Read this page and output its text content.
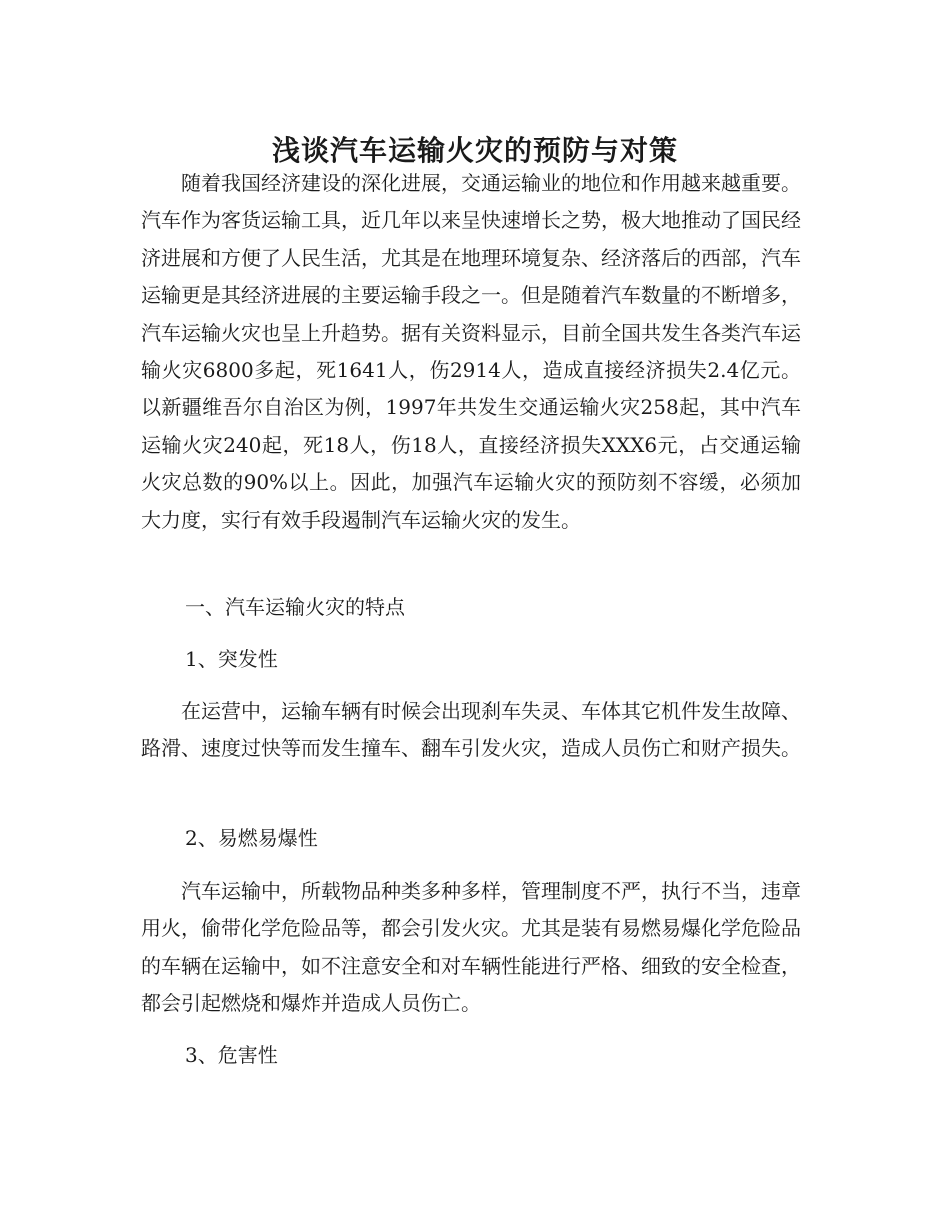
浅谈汽车运输火灾的预防与对策

随着我国经济建设的深化进展，交通运输业的地位和作用越来越重要。汽车作为客货运输工具，近几年以来呈快速增长之势，极大地推动了国民经济进展和方便了人民生活，尤其是在地理环境复杂、经济落后的西部，汽车运输更是其经济进展的主要运输手段之一。但是随着汽车数量的不断增多，汽车运输火灾也呈上升趋势。据有关资料显示，目前全国共发生各类汽车运输火灾6800多起，死1641人，伤2914人，造成直接经济损失2.4亿元。以新疆维吾尔自治区为例，1997年共发生交通运输火灾258起，其中汽车运输火灾240起，死18人，伤18人，直接经济损失XXX6元，占交通运输火灾总数的90%以上。因此，加强汽车运输火灾的预防刻不容缓，必须加大力度，实行有效手段遏制汽车运输火灾的发生。

一、汽车运输火灾的特点

1、突发性

在运营中，运输车辆有时候会出现刹车失灵、车体其它机件发生故障、路滑、速度过快等而发生撞车、翻车引发火灾，造成人员伤亡和财产损失。

2、易燃易爆性

汽车运输中，所载物品种类多种多样，管理制度不严，执行不当，违章用火，偷带化学危险品等，都会引发火灾。尤其是装有易燃易爆化学危险品的车辆在运输中，如不注意安全和对车辆性能进行严格、细致的安全检查，都会引起燃烧和爆炸并造成人员伤亡。

3、危害性
